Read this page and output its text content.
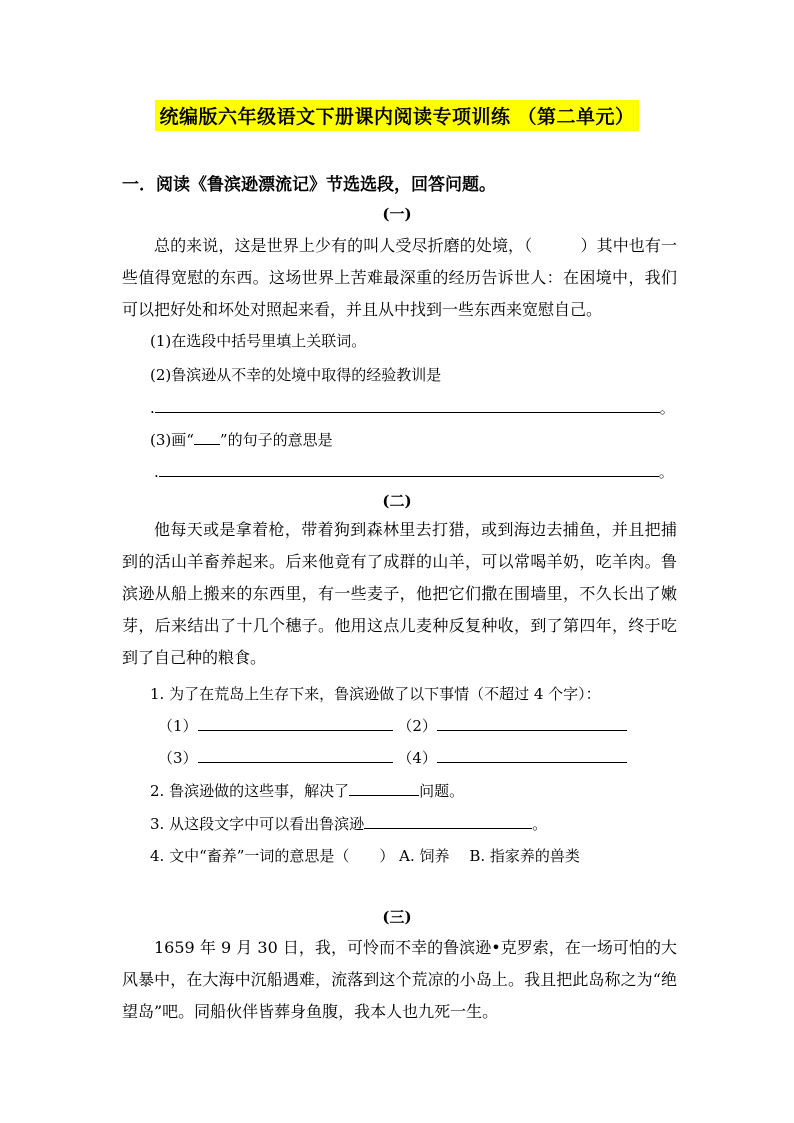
统编版六年级语文下册课内阅读专项训练 （第二单元）
一．阅读《鲁滨逊漂流记》节选选段，回答问题。
(一)
总的来说，这是世界上少有的叫人受尽折磨的处境，（　　　）其中也有一些值得宽慰的东西。这场世界上苦难最深重的经历告诉世人：在困境中，我们可以把好处和坏处对照起来看，并且从中找到一些东西来宽慰自己。
(1)在选段中括号里填上关联词。
(2)鲁滨逊从不幸的处境中取得的经验教训是
.	。
(3)画“ ”的句子的意思是
.	。
(二)
他每天或是拿着枪，带着狗到森林里去打猎，或到海边去捕鱼，并且把捕到的活山羊畜养起来。后来他竟有了成群的山羊，可以常喝羊奶，吃羊肉。鲁滨逊从船上搬来的东西里，有一些麦子，他把它们撒在围墙里，不久长出了嫩芽，后来结出了十几个穗子。他用这点儿麦种反复种收，到了第四年，终于吃到了自己种的粮食。
1. 为了在荒岛上生存下来，鲁滨逊做了以下事情（不超过 4 个字）：
（1）	（2）
（3）	（4）
2. 鲁滨逊做的这些事，解决了	问题。
3. 从这段文字中可以看出鲁滨逊	。
4. 文中“畜养”一词的意思是（　　） A. 饲养　 B. 指家养的兽类
(三)
1659 年 9 月 30 日，我，可怜而不幸的鲁滨逊•克罗索，在一场可怕的大风暴中，在大海中沉船遇难，流落到这个荒凉的小岛上。我且把此岛称之为“绝望岛”吧。同船伙伴皆葬身鱼腹，我本人也九死一生。
